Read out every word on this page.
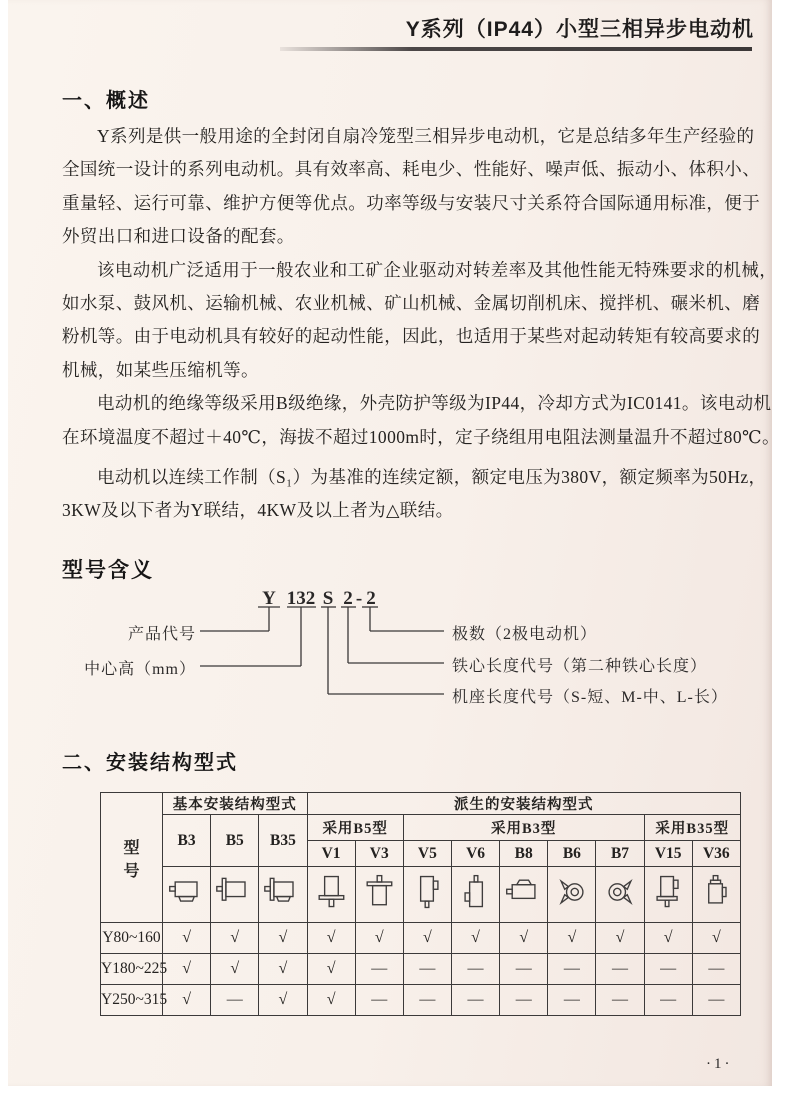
Y系列（IP44）小型三相异步电动机
一、概述
Y系列是供一般用途的全封闭自扇冷笼型三相异步电动机，它是总结多年生产经验的
全国统一设计的系列电动机。具有效率高、耗电少、性能好、噪声低、振动小、体积小、
重量轻、运行可靠、维护方便等优点。功率等级与安装尺寸关系符合国际通用标准，便于
外贸出口和进口设备的配套。
该电动机广泛适用于一般农业和工矿企业驱动对转差率及其他性能无特殊要求的机械，
如水泵、鼓风机、运输机械、农业机械、矿山机械、金属切削机床、搅拌机、碾米机、磨
粉机等。由于电动机具有较好的起动性能，因此，也适用于某些对起动转矩有较高要求的
机械，如某些压缩机等。
电动机的绝缘等级采用B级绝缘，外壳防护等级为IP44，冷却方式为IC0141。该电动机
在环境温度不超过＋40℃，海拔不超过1000m时，定子绕组用电阻法测量温升不超过80℃。
电动机以连续工作制（S₁）为基准的连续定额，额定电压为380V，额定频率为50Hz，
3KW及以下者为Y联结，4KW及以上者为△联结。
型号含义
Y 132 S 2 - 2
产品代号
中心高（mm）
极数（2极电动机）
铁心长度代号（第二种铁心长度）
机座长度代号（S-短、M-中、L-长）
二、安装结构型式
型　　号	基本安装结构型式			派生的安装结构型式								
	B3	B5	B35	采用B5型		采用B3型					采用B35型	
				V1	V3	V5	V6	B8	B6	B7	V15	V36

Y80~160	√	√	√	√	√	√	√	√	√	√	√	√
Y180~225	√	√	√	√	—	—	—	—	—	—	—	—
Y250~315	√	—	√	√	—	—	—	—	—	—	—	—
·1·
